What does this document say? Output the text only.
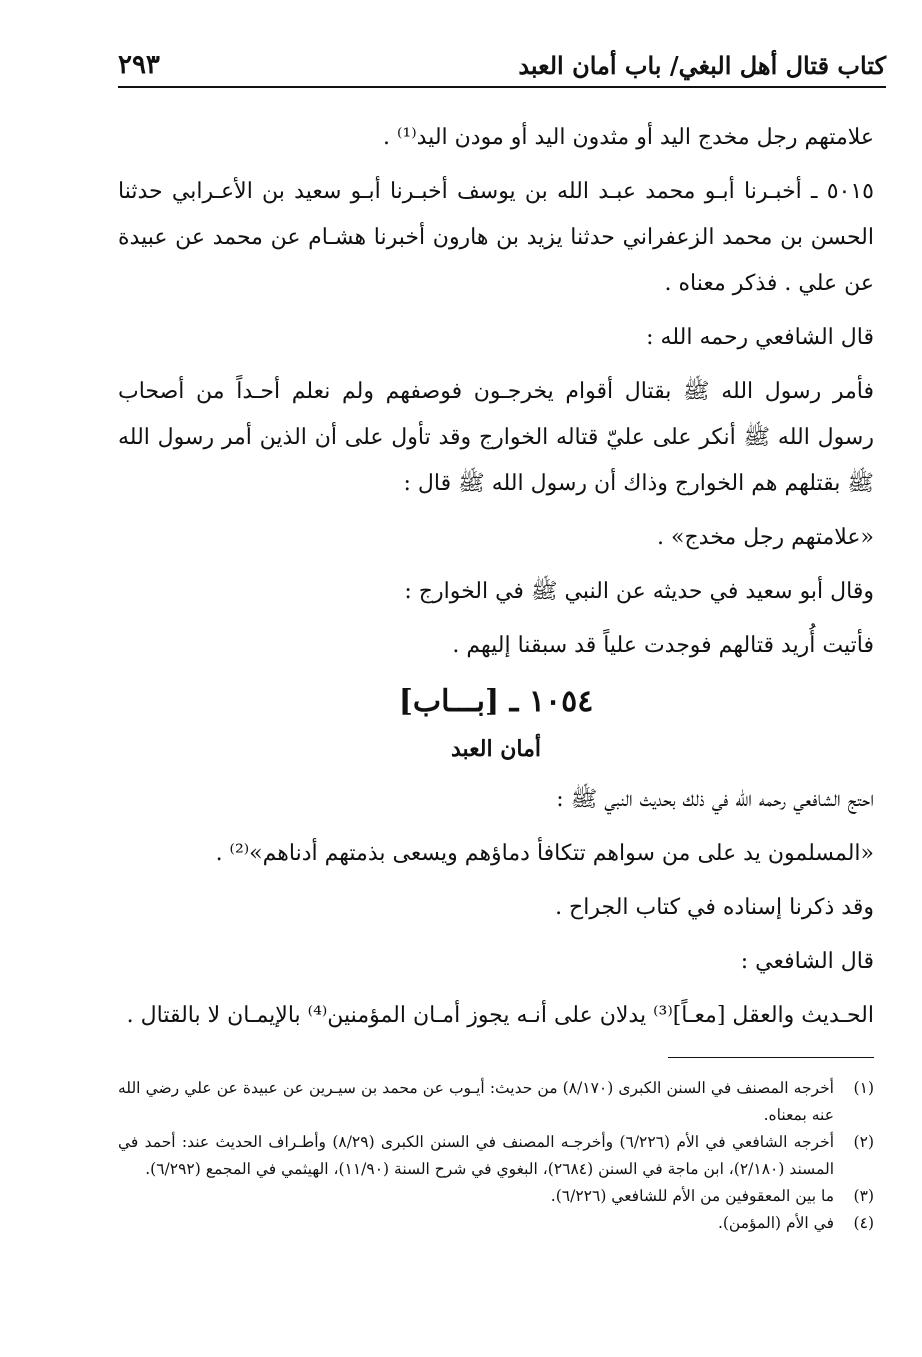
كتاب قتال أهل البغي/ باب أمان العبد
٢٩٣

علامتهم رجل مخدج اليد أو مثدون اليد أو مودن اليد⁽¹⁾ .

٥٠١٥ ـ أخبـرنا أبـو محمد عبـد الله بن يوسف أخبـرنا أبـو سعيد بن الأعـرابي حدثنا الحسن بن محمد الزعفراني حدثنا يزيد بن هارون أخبرنا هشـام عن محمد عن عبيدة عن علي . فذكر معناه .

قال الشافعي رحمه الله :

فأمر رسول الله ﷺ بقتال أقوام يخرجـون فوصفهم ولم نعلم أحـداً من أصحاب رسول الله ﷺ أنكر على عليّ قتاله الخوارج وقد تأول على أن الذين أمر رسول الله ﷺ بقتلهم هم الخوارج وذاك أن رسول الله ﷺ قال :

«علامتهم رجل مخدج» .

وقال أبو سعيد في حديثه عن النبي ﷺ في الخوارج :

فأتيت أُريد قتالهم فوجدت علياً قد سبقنا إليهم .

١٠٥٤ ـ [بـــاب]

أمان العبد

احتج الشافعي رحمه الله في ذلك بحديث النبي ﷺ :

«المسلمون يد على من سواهم تتكافأ دماؤهم ويسعى بذمتهم أدناهم»⁽²⁾ .

وقد ذكرنا إسناده في كتاب الجراح .

قال الشافعي :

الحـديث والعقل [معـاً]⁽³⁾ يدلان على أنـه يجوز أمـان المؤمنين⁽⁴⁾ بالإيمـان لا بالقتال .

(١)
أخرجه المصنف في السنن الكبرى (٨/١٧٠) من حديث: أيـوب عن محمد بن سيـرين عن عبيدة عن علي رضي الله عنه بمعناه.
(٢)
أخرجه الشافعي في الأم (٦/٢٢٦) وأخرجـه المصنف في السنن الكبرى (٨/٢٩) وأطـراف الحديث عند: أحمد في المسند (٢/١٨٠)، ابن ماجة في السنن (٢٦٨٤)، البغوي في شرح السنة (١١/٩٠)، الهيثمي في المجمع (٦/٢٩٢).
(٣)
ما بين المعقوفين من الأم للشافعي (٦/٢٢٦).
(٤)
في الأم (المؤمن).
